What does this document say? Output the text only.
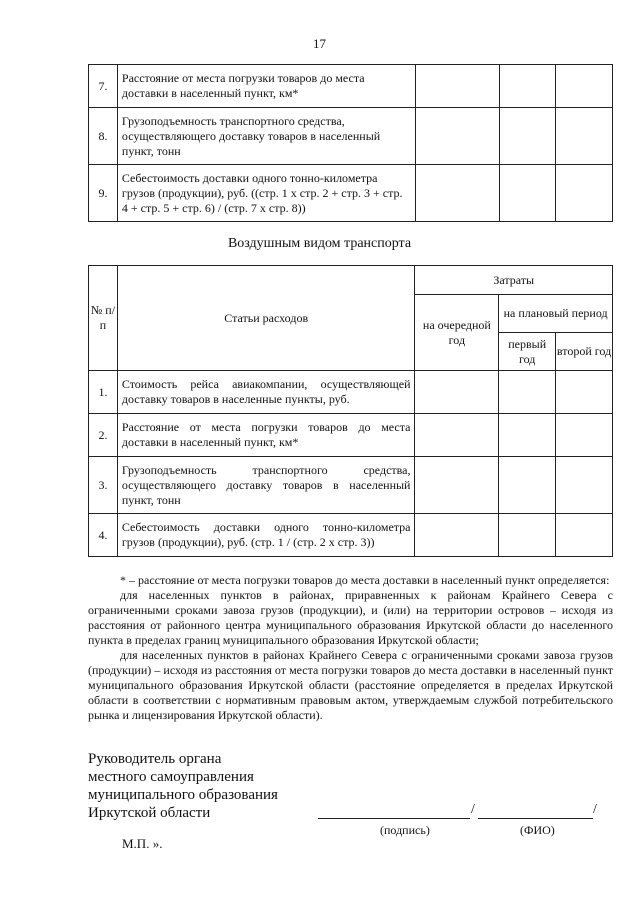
17
7.	Расстояние от места погрузки товаров до места доставки в населенный пункт, км*			
8.	Грузоподъемность транспортного средства, осуществляющего доставку товаров в населенный пункт, тонн			
9.	Себестоимость доставки одного тонно-километра грузов (продукции), руб. ((стр. 1 х стр. 2 + стр. 3 + стр. 4 + стр. 5 + стр. 6) / (стр. 7 х стр. 8))			
Воздушным видом транспорта
№ п/п	Статьи расходов	Затраты		
		на очередной год	на плановый период	
			первый год	второй год
1.	Стоимость рейса авиакомпании, осуществляющей доставку товаров в населенные пункты, руб.			
2.	Расстояние от места погрузки товаров до места доставки в населенный пункт, км*			
3.	Грузоподъемность транспортного средства, осуществляющего доставку товаров в населенный пункт, тонн			
4.	Себестоимость доставки одного тонно-километра грузов (продукции), руб. (стр. 1 / (стр. 2 х стр. 3))			

* – расстояние от места погрузки товаров до места доставки в населенный пункт определяется:

для населенных пунктов в районах, приравненных к районам Крайнего Севера с ограниченными сроками завоза грузов (продукции), и (или) на территории островов – исходя из расстояния от районного центра муниципального образования Иркутской области до населенного пункта в пределах границ муниципального образования Иркутской области;

для населенных пунктов в районах Крайнего Севера с ограниченными сроками завоза грузов (продукции) – исходя из расстояния от места погрузки товаров до места доставки в населенный пункт муниципального образования Иркутской области (расстояние определяется в пределах Иркутской области в соответствии с нормативным правовым актом, утверждаемым службой потребительского рынка и лицензирования Иркутской области).

Руководитель органа
местного самоуправления
муниципального образования
Иркутской области	/	/
(подпись)	(ФИО)
М.П. ».
